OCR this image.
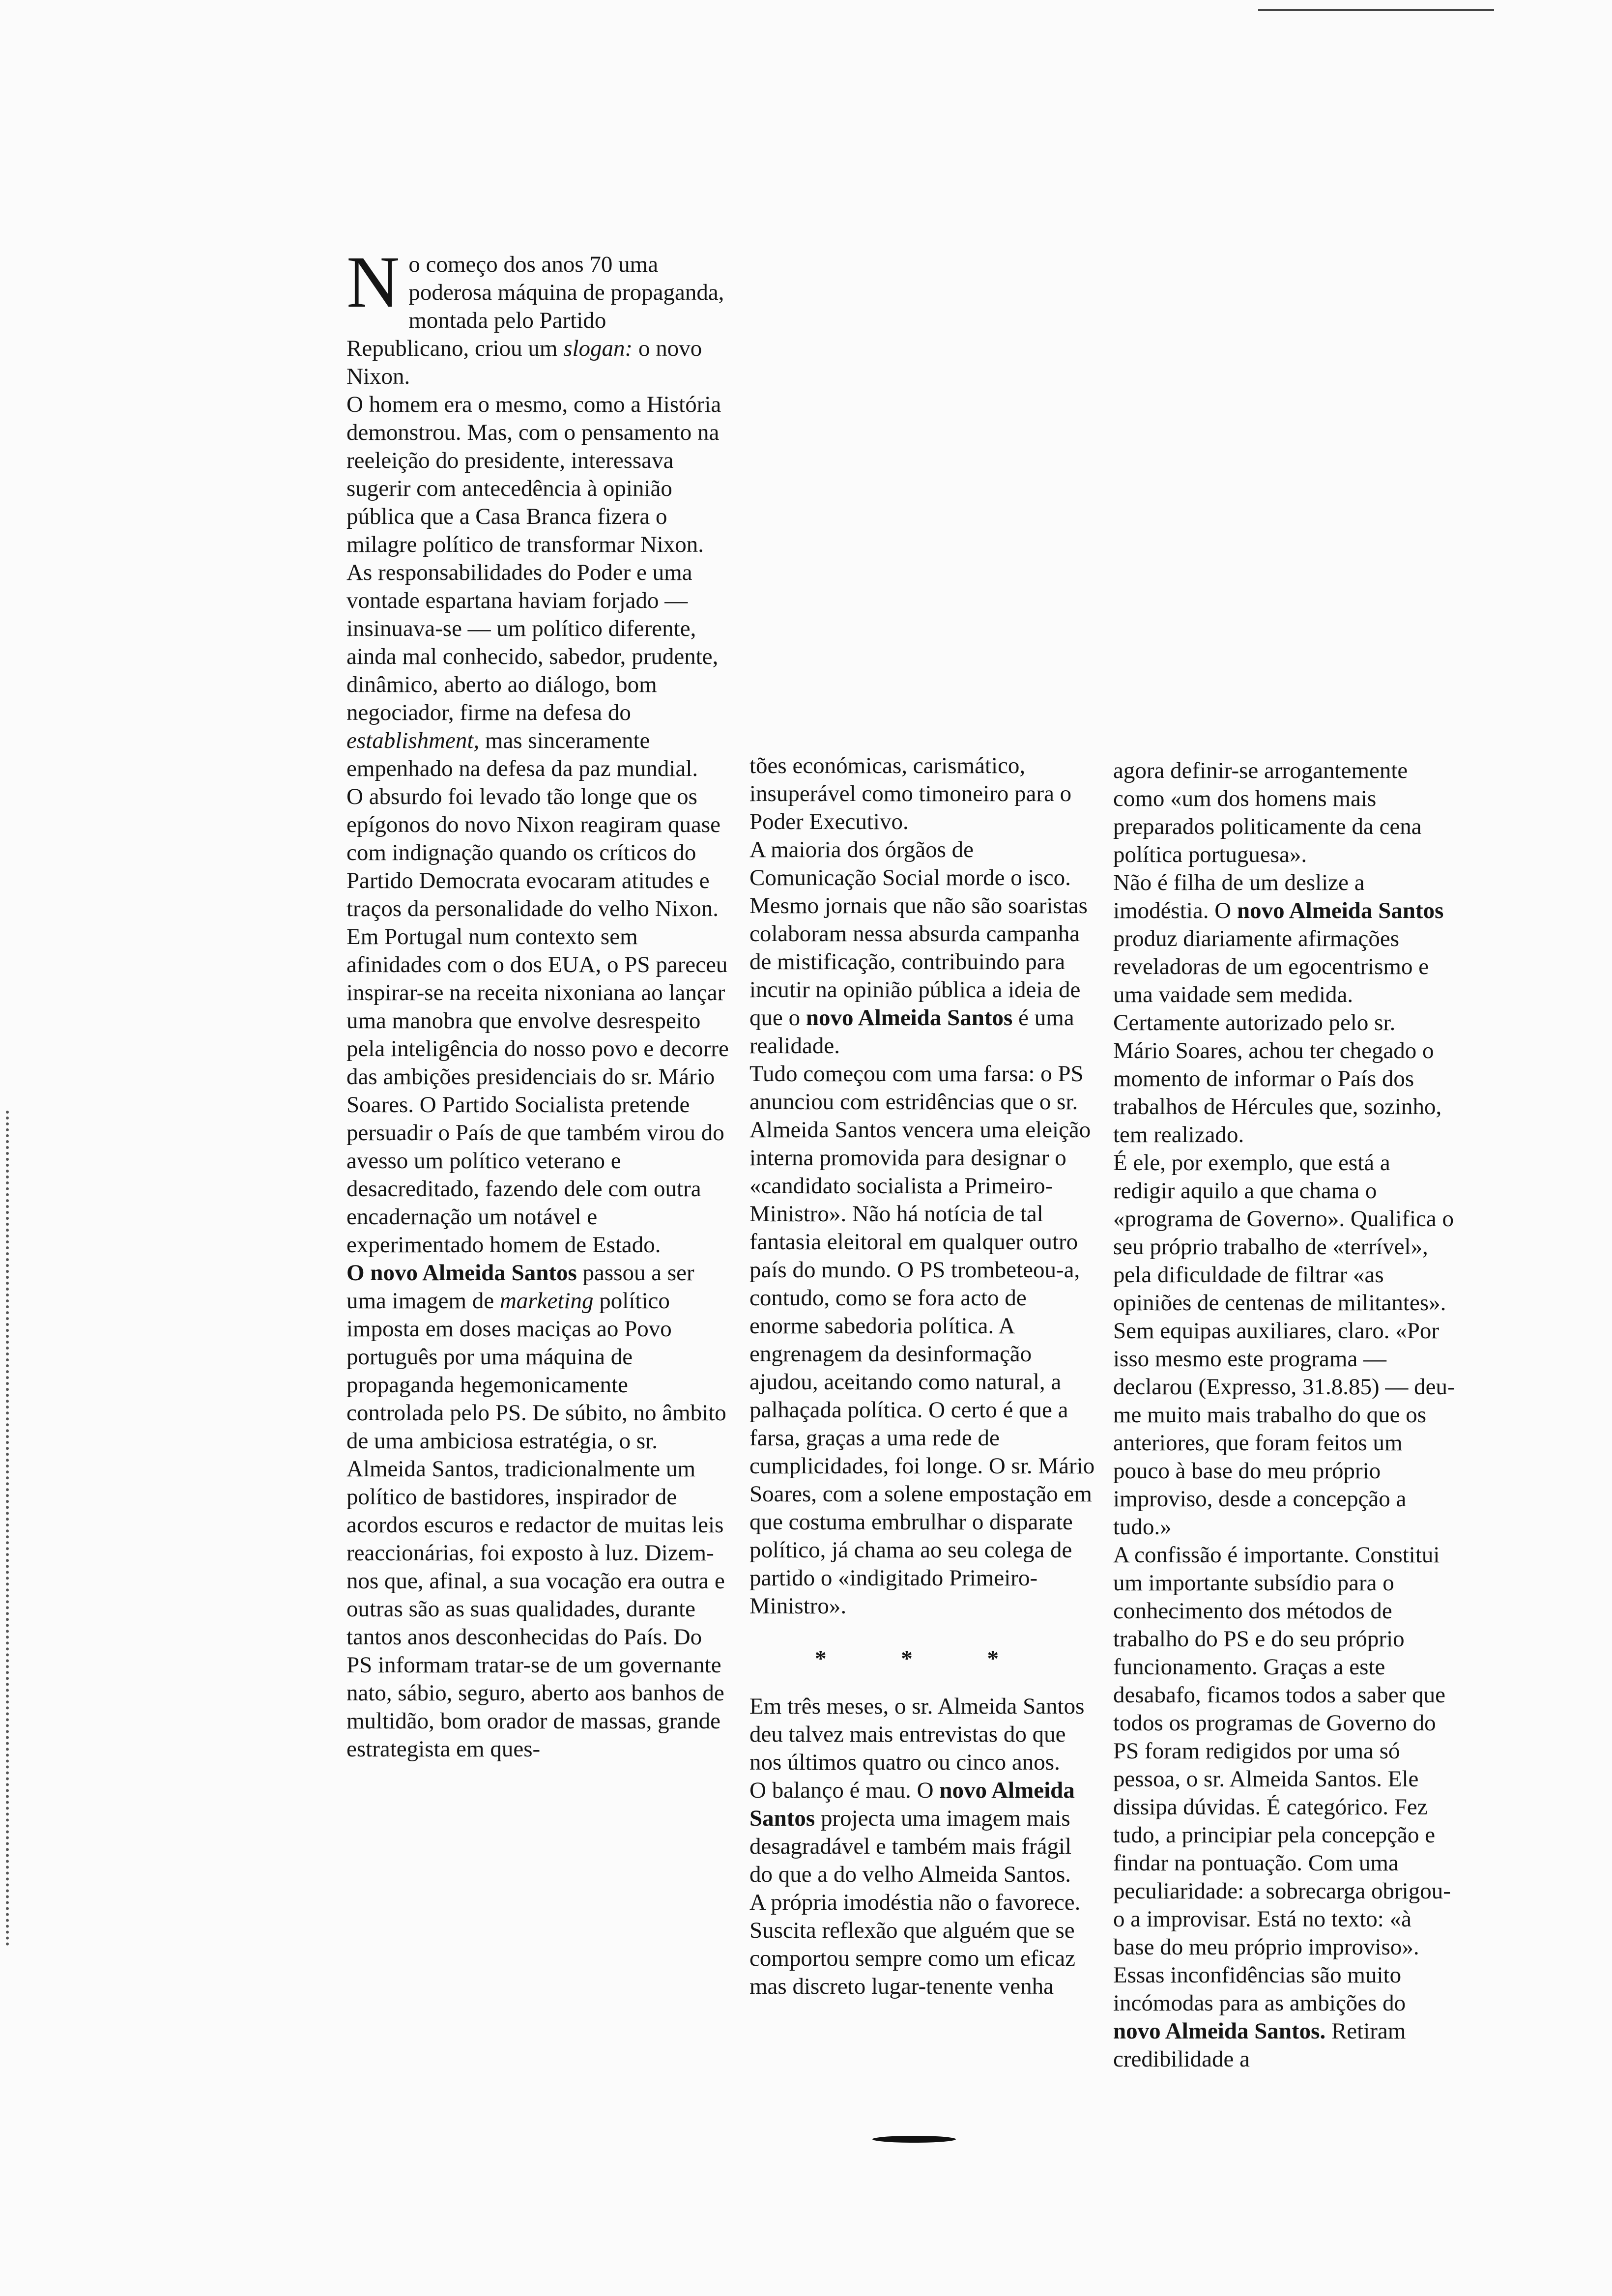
No começo dos anos 70 uma poderosa máquina de propaganda, montada pelo Partido Republicano, criou um slogan: o novo Nixon.

O homem era o mesmo, como a História demonstrou. Mas, com o pensamento na reeleição do presidente, interessava sugerir com antecedência à opinião pública que a Casa Branca fizera o milagre político de transformar Nixon. As responsabilidades do Poder e uma vontade espartana haviam forjado — insinuava-se — um político diferente, ainda mal conhecido, sabedor, prudente, dinâmico, aberto ao diálogo, bom negociador, firme na defesa do establishment, mas sinceramente empenhado na defesa da paz mundial.

O absurdo foi levado tão longe que os epígonos do novo Nixon reagiram quase com indignação quando os críticos do Partido Democrata evocaram atitudes e traços da personalidade do velho Nixon.

Em Portugal num contexto sem afinidades com o dos EUA, o PS pareceu inspirar-se na receita nixoniana ao lançar uma manobra que envolve desrespeito pela inteligência do nosso povo e decorre das ambições presidenciais do sr. Mário Soares. O Partido Socialista pretende persuadir o País de que também virou do avesso um político veterano e desacreditado, fazendo dele com outra encadernação um notável e experimentado homem de Estado.

O novo Almeida Santos passou a ser uma imagem de marketing político imposta em doses maciças ao Povo português por uma máquina de propaganda hegemonicamente controlada pelo PS. De súbito, no âmbito de uma ambiciosa estratégia, o sr. Almeida Santos, tradicionalmente um político de bastidores, inspirador de acordos escuros e redactor de muitas leis reaccionárias, foi exposto à luz. Dizem-nos que, afinal, a sua vocação era outra e outras são as suas qualidades, durante tantos anos desconhecidas do País. Do PS informam tratar-se de um governante nato, sábio, seguro, aberto aos banhos de multidão, bom orador de massas, grande estrategista em ques-

tões económicas, carismático, insuperável como timoneiro para o Poder Executivo.

A maioria dos órgãos de Comunicação Social morde o isco. Mesmo jornais que não são soaristas colaboram nessa absurda campanha de mistificação, contribuindo para incutir na opinião pública a ideia de que o novo Almeida Santos é uma realidade.

Tudo começou com uma farsa: o PS anunciou com estridências que o sr. Almeida Santos vencera uma eleição interna promovida para designar o «candidato socialista a Primeiro-Ministro». Não há notícia de tal fantasia eleitoral em qualquer outro país do mundo. O PS trombeteou-a, contudo, como se fora acto de enorme sabedoria política. A engrenagem da desinformação ajudou, aceitando como natural, a palhaçada política. O certo é que a farsa, graças a uma rede de cumplicidades, foi longe. O sr. Mário Soares, com a solene empostação em que costuma embrulhar o disparate político, já chama ao seu colega de partido o «indigitado Primeiro-Ministro».

* * *

Em três meses, o sr. Almeida Santos deu talvez mais entrevistas do que nos últimos quatro ou cinco anos.

O balanço é mau. O novo Almeida Santos projecta uma imagem mais desagradável e também mais frágil do que a do velho Almeida Santos.

A própria imodéstia não o favorece. Suscita reflexão que alguém que se comportou sempre como um eficaz mas discreto lugar-tenente venha

agora definir-se arrogantemente como «um dos homens mais preparados politicamente da cena política portuguesa».

Não é filha de um deslize a imodéstia. O novo Almeida Santos produz diariamente afirmações reveladoras de um egocentrismo e uma vaidade sem medida. Certamente autorizado pelo sr. Mário Soares, achou ter chegado o momento de informar o País dos trabalhos de Hércules que, sozinho, tem realizado.

É ele, por exemplo, que está a redigir aquilo a que chama o «programa de Governo». Qualifica o seu próprio trabalho de «terrível», pela dificuldade de filtrar «as opiniões de centenas de militantes». Sem equipas auxiliares, claro. «Por isso mesmo este programa — declarou (Expresso, 31.8.85) — deu-me muito mais trabalho do que os anteriores, que foram feitos um pouco à base do meu próprio improviso, desde a concepção a tudo.»

A confissão é importante. Constitui um importante subsídio para o conhecimento dos métodos de trabalho do PS e do seu próprio funcionamento. Graças a este desabafo, ficamos todos a saber que todos os programas de Governo do PS foram redigidos por uma só pessoa, o sr. Almeida Santos. Ele dissipa dúvidas. É categórico. Fez tudo, a principiar pela concepção e findar na pontuação. Com uma peculiaridade: a sobrecarga obrigou-o a improvisar. Está no texto: «à base do meu próprio improviso».

Essas inconfidências são muito incómodas para as ambições do novo Almeida Santos. Retiram credibilidade a
